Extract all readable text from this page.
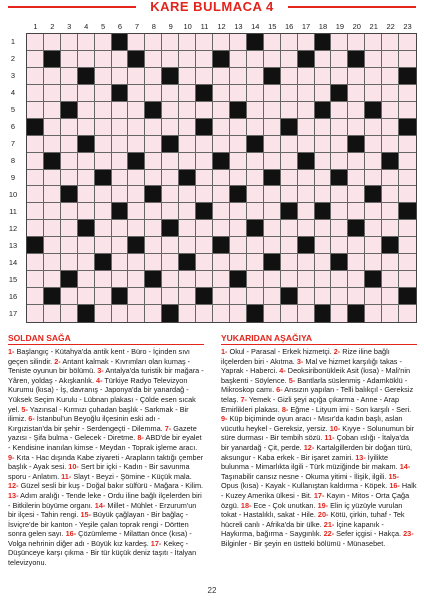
KARE BULMACA 4
1	2	3	4	5	6	7	8	9	10	11	12	13	14	15	16	17	18	19	20	21	22	23
1
2
3
4
5
6
7
8
9
10
11
12
13
14
15
16
17
SOLDAN SAĞA
1- Başlangıç - Kütahya'da antik kent - Büro - İçinden sıvı geçen silindir. 2- Antant kalmak - Kıvrımları olan kumaş - Teniste oyunun bir bölümü. 3- Antalya'da turistik bir mağara - Yâren, yoldaş - Akışkanlık. 4- Türkiye Radyo Televizyon Kurumu (kısa) - İş, davranış - Japonya'da bir yanardağ - Yüksek Seçim Kurulu - Lübnan plakası - Çölde esen sıcak yel. 5- Yazınsal - Kırmızı çuhadan başlık - Sarkmak - Bir ilimiz. 6- İstanbul'un Beyoğlu ilçesinin eski adı - Kırgızistan'da bir şehir - Serdengeçti - Dilemma. 7- Gazete yazısı - Şifa bulma - Gelecek - Diretme. 8- ABD'de bir eyalet - Kendisine inanılan kimse - Meydan - Toprak işleme aracı. 9- Kıta - Hac dışında Kabe ziyareti - Arapların taktığı çember başlık - Ayak sesi. 10- Sert bir içki - Kadın - Bir savunma sporu - Anlatım. 11- Slayt - Beyzi - Şömine - Küçük mala. 12- Güzel sesli bir kuş - Doğal bakır sülfürü - Mağara - Kilim. 13- Adım aralığı - Tende leke - Ordu iline bağlı ilçelerden biri - Bitkilerin büyüme organı. 14- Millet - Mühlet - Erzurum'un bir ilçesi - Tahin rengi. 15- Büyük çağlayan - Bir bağlaç - İsviçre'de bir kanton - Yeşile çalan toprak rengi - Dörtten sonra gelen sayı. 16- Çözümleme - Milattan önce (kısa) - Volga nehrinin diğer adı - Büyük kız kardeş. 17- Kekeç - Düşünceye karşı çıkma - Bir tür küçük deniz taşıtı - İtalyan televizyonu.
YUKARIDAN AŞAĞIYA
1- Okul - Parasal - Erkek hizmetçi. 2- Rize iline bağlı ilçelerden biri - Akıtma. 3- Mal ve hizmet karşılığı takas - Yaprak - Haberci. 4- Deoksiribonükleik Asit (kısa) - Mali'nin başkenti - Söylence. 5- Bantlarla süslenmiş - Adamköklü - Mikroskop camı. 6- Ansızın yapılan - Telli balıkçıl - Gereksiz telaş. 7- Yemek - Gizli şeyi açığa çıkarma - Anne - Arap Emirlikleri plakası. 8- Eğme - Lityum imi - Son karşılı - Seri. 9- Küp biçiminde oyun aracı - Mısır'da kadın başlı, aslan vücutlu heykel - Gereksiz, yersiz. 10- Kıyye - Solunumun bir süre durması - Bir tembih sözü. 11- Çoban ıslığı - İtalya'da bir yanardağ - Çit, perde. 12- Kartalgillerden bir doğan türü, aksungur - Kaba erkek - Bir işaret zamiri. 13- İyilikte bulunma - Mimarlıkta ilgili - Türk müziğinde bir makam. 14- Taşınabilir cansız nesne - Okuma yitimi - İlişik, ilgili. 15- Opus (kısa) - Kayak - Kullanıştan kaldırma - Köpek. 16- Halk - Kuzey Amerika ülkesi - Bit. 17- Kayın - Mitos - Orta Çağa özgü. 18- Ece - Çok unutkan. 19- Elin iç yüzüyle vurulan tokat - Hastalıklı, sakat - Hile. 20- Kötü, çirkin, tuhaf - Tek hücreli canlı - Afrika'da bir ülke. 21- İçine kapanık - Haykırma, bağırma - Saygınlık. 22- Sefer içgisi - Hakça. 23- Bilginler - Bir şeyin en üstteki bölümü - Münasebet.
22
